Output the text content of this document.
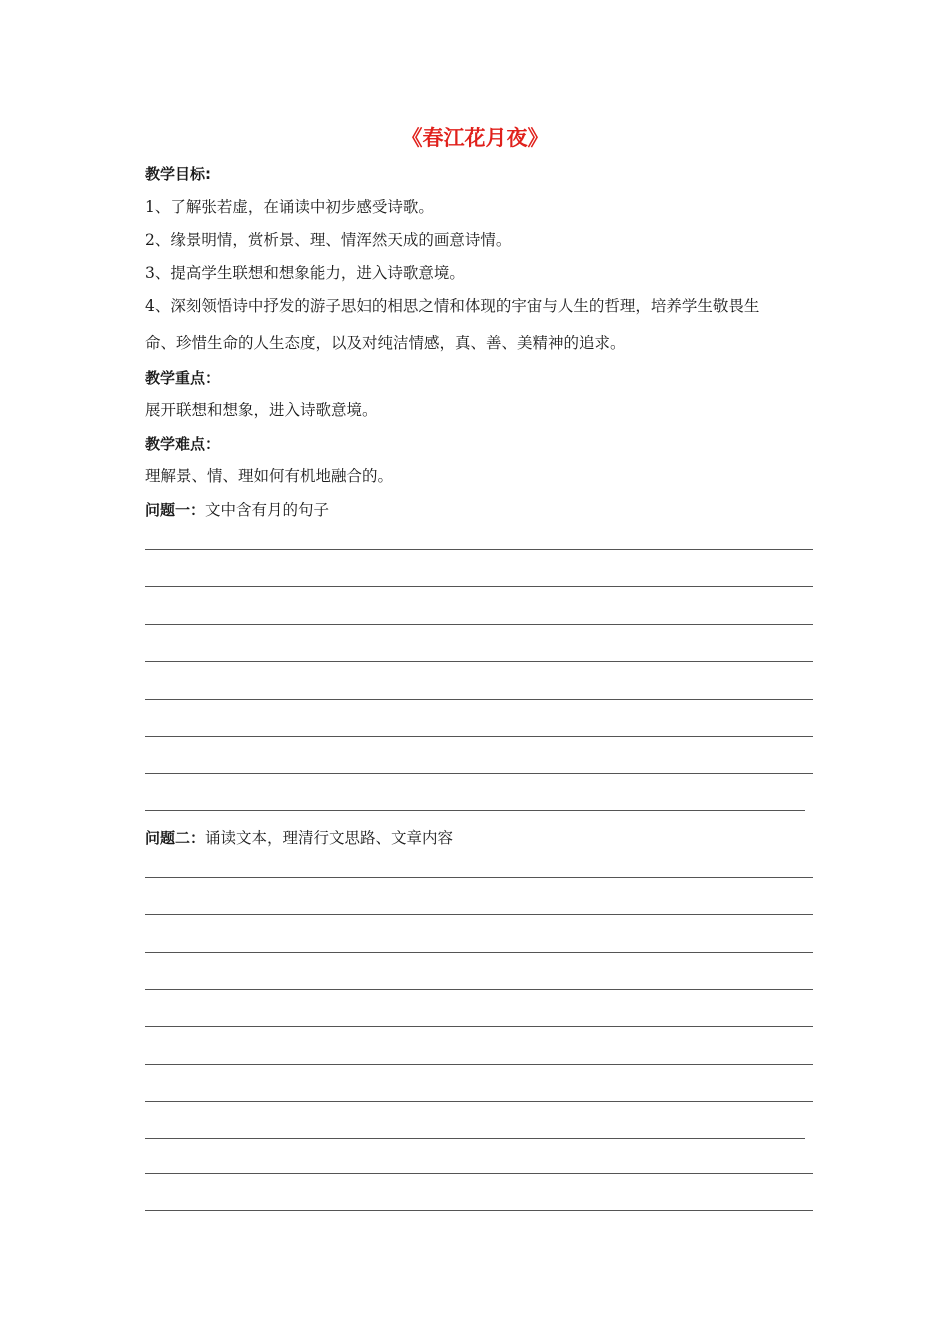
《春江花月夜》
教学目标:
1、了解张若虚，在诵读中初步感受诗歌。
2、缘景明情，赏析景、理、情浑然天成的画意诗情。
3、提高学生联想和想象能力，进入诗歌意境。
4、深刻领悟诗中抒发的游子思妇的相思之情和体现的宇宙与人生的哲理，培养学生敬畏生
命、珍惜生命的人生态度，以及对纯洁情感，真、善、美精神的追求。
教学重点：
展开联想和想象，进入诗歌意境。
教学难点：
理解景、情、理如何有机地融合的。
问题一：文中含有月的句子
问题二：诵读文本，理清行文思路、文章内容
